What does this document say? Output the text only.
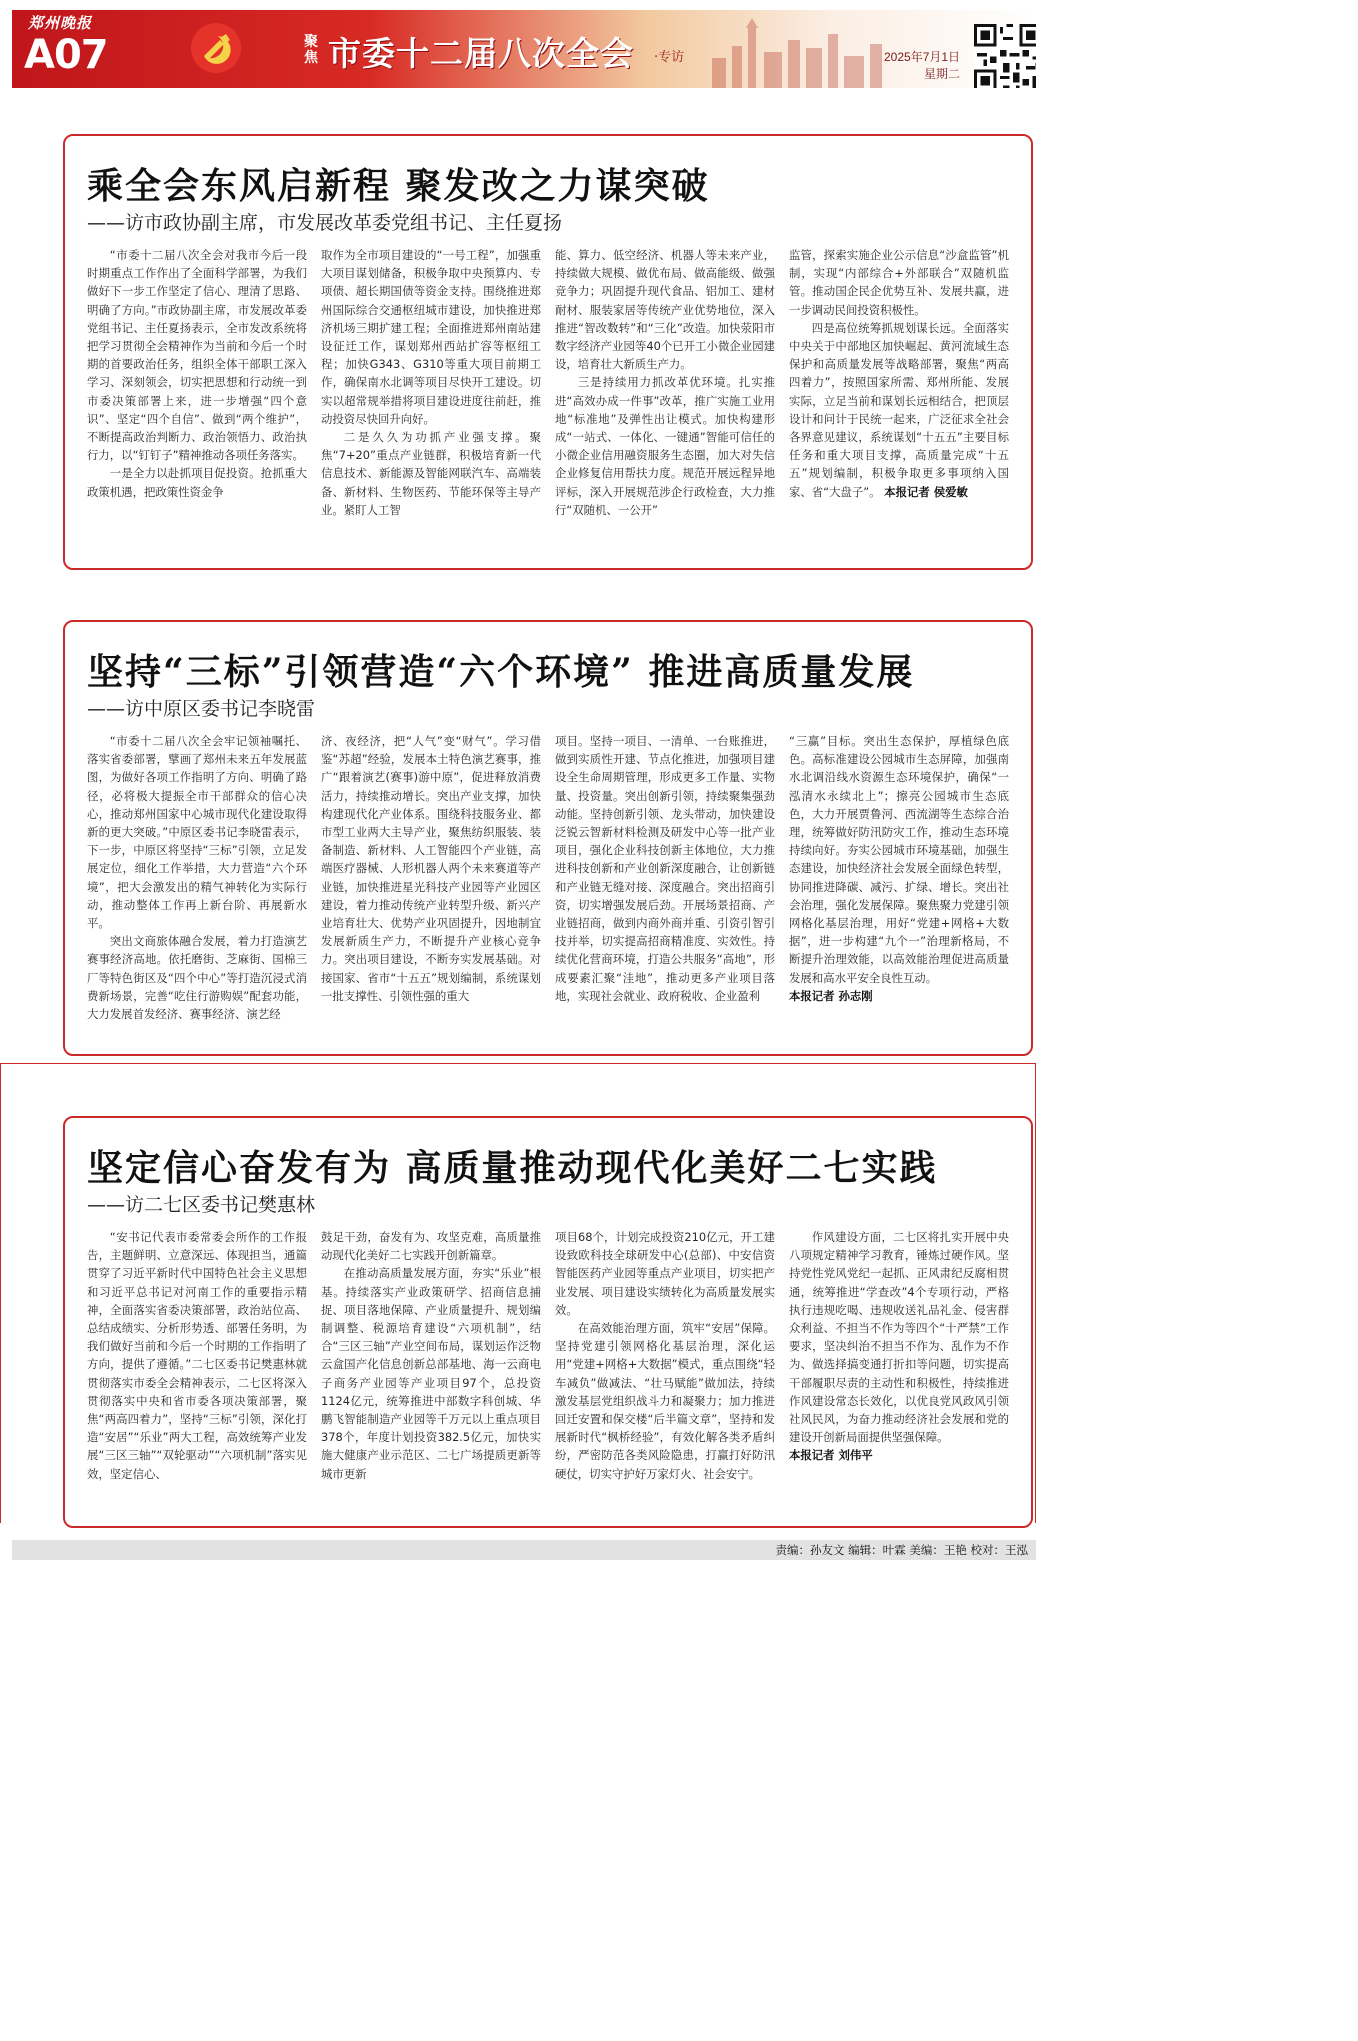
郑州晚报
A07	聚焦 市委十二届八次全会 ·专访	2025年7月1日
星期二
乘全会东风启新程 聚发改之力谋突破
——访市政协副主席，市发展改革委党组书记、主任夏扬

“市委十二届八次全会对我市今后一段时期重点工作作出了全面科学部署，为我们做好下一步工作坚定了信心、理清了思路、明确了方向。”市政协副主席，市发展改革委党组书记、主任夏扬表示，全市发改系统将把学习贯彻全会精神作为当前和今后一个时期的首要政治任务，组织全体干部职工深入学习、深刻领会，切实把思想和行动统一到市委决策部署上来，进一步增强“四个意识”、坚定“四个自信”、做到“两个维护”，不断提高政治判断力、政治领悟力、政治执行力，以“钉钉子”精神推动各项任务落实。

一是全力以赴抓项目促投资。抢抓重大政策机遇，把政策性资金争

取作为全市项目建设的“一号工程”，加强重大项目谋划储备，积极争取中央预算内、专项债、超长期国债等资金支持。围绕推进郑州国际综合交通枢纽城市建设，加快推进郑济机场三期扩建工程；全面推进郑州南站建设征迁工作，谋划郑州西站扩容等枢纽工程；加快G343、G310等重大项目前期工作，确保南水北调等项目尽快开工建设。切实以超常规举措将项目建设进度往前赶，推动投资尽快回升向好。

二是久久为功抓产业强支撑。聚焦“7+20”重点产业链群，积极培育新一代信息技术、新能源及智能网联汽车、高端装备、新材料、生物医药、节能环保等主导产业。紧盯人工智

能、算力、低空经济、机器人等未来产业，持续做大规模、做优布局、做高能级、做强竞争力；巩固提升现代食品、铝加工、建材耐材、服装家居等传统产业优势地位，深入推进“智改数转”和“三化”改造。加快荥阳市数字经济产业园等40个已开工小微企业园建设，培育壮大新质生产力。

三是持续用力抓改革优环境。扎实推进“高效办成一件事”改革，推广实施工业用地“标准地”及弹性出让模式。加快构建形成“一站式、一体化、一键通”智能可信任的小微企业信用融资服务生态圈，加大对失信企业修复信用帮扶力度。规范开展远程异地评标，深入开展规范涉企行政检查，大力推行“双随机、一公开”

监管，探索实施企业公示信息“沙盒监管”机制，实现“内部综合+外部联合”双随机监管。推动国企民企优势互补、发展共赢，进一步调动民间投资积极性。

四是高位统筹抓规划谋长远。全面落实中央关于中部地区加快崛起、黄河流域生态保护和高质量发展等战略部署，聚焦“两高四着力”，按照国家所需、郑州所能、发展实际，立足当前和谋划长远相结合，把顶层设计和问计于民统一起来，广泛征求全社会各界意见建议，系统谋划“十五五”主要目标任务和重大项目支撑，高质量完成“十五五”规划编制，积极争取更多事项纳入国家、省“大盘子”。 本报记者 侯爱敏

坚持“三标”引领营造“六个环境” 推进高质量发展
——访中原区委书记李晓雷

“市委十二届八次全会牢记领袖嘱托、落实省委部署，擘画了郑州未来五年发展蓝图，为做好各项工作指明了方向、明确了路径，必将极大提振全市干部群众的信心决心，推动郑州国家中心城市现代化建设取得新的更大突破。”中原区委书记李晓雷表示，下一步，中原区将坚持“三标”引领，立足发展定位，细化工作举措，大力营造“六个环境”，把大会激发出的精气神转化为实际行动，推动整体工作再上新台阶、再展新水平。

突出文商旅体融合发展，着力打造演艺赛事经济高地。依托磨街、芝麻街、国棉三厂等特色街区及“四个中心”等打造沉浸式消费新场景，完善“吃住行游购娱”配套功能，大力发展首发经济、赛事经济、演艺经

济、夜经济，把“人气”变“财气”。学习借鉴“苏超”经验，发展本土特色演艺赛事，推广“跟着演艺(赛事)游中原”，促进释放消费活力，持续推动增长。突出产业支撑，加快构建现代化产业体系。围绕科技服务业、都市型工业两大主导产业，聚焦纺织服装、装备制造、新材料、人工智能四个产业链，高端医疗器械、人形机器人两个未来赛道等产业链，加快推进星光科技产业园等产业园区建设，着力推动传统产业转型升级、新兴产业培育壮大、优势产业巩固提升，因地制宜发展新质生产力，不断提升产业核心竞争力。突出项目建设，不断夯实发展基础。对接国家、省市“十五五”规划编制，系统谋划一批支撑性、引领性强的重大

项目。坚持一项目、一清单、一台账推进，做到实质性开建、节点化推进，加强项目建设全生命周期管理，形成更多工作量、实物量、投资量。突出创新引领，持续聚集强劲动能。坚持创新引领、龙头带动，加快建设泛锐云智新材料检测及研发中心等一批产业项目，强化企业科技创新主体地位，大力推进科技创新和产业创新深度融合，让创新链和产业链无缝对接、深度融合。突出招商引资，切实增强发展后劲。开展场景招商、产业链招商，做到内商外商并重、引资引智引技并举，切实提高招商精准度、实效性。持续优化营商环境，打造公共服务“高地”，形成要素汇聚“洼地”，推动更多产业项目落地，实现社会就业、政府税收、企业盈利

“三赢”目标。突出生态保护，厚植绿色底色。高标准建设公园城市生态屏障，加强南水北调沿线水资源生态环境保护，确保“一泓清水永续北上”；擦亮公园城市生态底色，大力开展贾鲁河、西流湖等生态综合治理，统筹做好防汛防灾工作，推动生态环境持续向好。夯实公园城市环境基础，加强生态建设，加快经济社会发展全面绿色转型，协同推进降碳、减污、扩绿、增长。突出社会治理，强化发展保障。聚焦聚力党建引领网格化基层治理，用好“党建+网格+大数据”，进一步构建“九个一”治理新格局，不断提升治理效能，以高效能治理促进高质量发展和高水平安全良性互动。

本报记者 孙志刚

坚定信心奋发有为 高质量推动现代化美好二七实践
——访二七区委书记樊惠林

“安书记代表市委常委会所作的工作报告，主题鲜明、立意深远、体现担当，通篇贯穿了习近平新时代中国特色社会主义思想和习近平总书记对河南工作的重要指示精神，全面落实省委决策部署，政治站位高、总结成绩实、分析形势透、部署任务明，为我们做好当前和今后一个时期的工作指明了方向，提供了遵循。”二七区委书记樊惠林就贯彻落实市委全会精神表示，二七区将深入贯彻落实中央和省市委各项决策部署，聚焦“两高四着力”，坚持“三标”引领，深化打造“安居”“乐业”两大工程，高效统筹产业发展“三区三轴”“双轮驱动”“六项机制”落实见效，坚定信心、

鼓足干劲，奋发有为、攻坚克难，高质量推动现代化美好二七实践开创新篇章。

在推动高质量发展方面，夯实“乐业”根基。持续落实产业政策研学、招商信息捕捉、项目落地保障、产业质量提升、规划编制调整、税源培育建设“六项机制”，结合“三区三轴”产业空间布局，谋划运作泛物云盒国产化信息创新总部基地、海一云商电子商务产业园等产业项目97个，总投资1124亿元，统筹推进中部数字科创城、华鹏飞智能制造产业园等千万元以上重点项目378个，年度计划投资382.5亿元，加快实施大健康产业示范区、二七广场提质更新等城市更新

项目68个，计划完成投资210亿元，开工建设致欧科技全球研发中心(总部)、中安信资智能医药产业园等重点产业项目，切实把产业发展、项目建设实绩转化为高质量发展实效。

在高效能治理方面，筑牢“安居”保障。坚持党建引领网格化基层治理，深化运用“党建+网格+大数据”模式，重点围绕“轻车减负”做减法、“壮马赋能”做加法，持续激发基层党组织战斗力和凝聚力；加力推进回迁安置和保交楼“后半篇文章”，坚持和发展新时代“枫桥经验”，有效化解各类矛盾纠纷，严密防范各类风险隐患，打赢打好防汛硬仗，切实守护好万家灯火、社会安宁。

作风建设方面，二七区将扎实开展中央八项规定精神学习教育，锤炼过硬作风。坚持党性党风党纪一起抓、正风肃纪反腐相贯通，统筹推进“学查改”4个专项行动，严格执行违规吃喝、违规收送礼品礼金、侵害群众利益、不担当不作为等四个“十严禁”工作要求，坚决纠治不担当不作为、乱作为不作为、做选择搞变通打折扣等问题，切实提高干部履职尽责的主动性和积极性，持续推进作风建设常态长效化，以优良党风政风引领社风民风，为奋力推动经济社会发展和党的建设开创新局面提供坚强保障。

本报记者 刘伟平

责编：孙友文 编辑：叶霖 美编：王艳 校对：王泓
